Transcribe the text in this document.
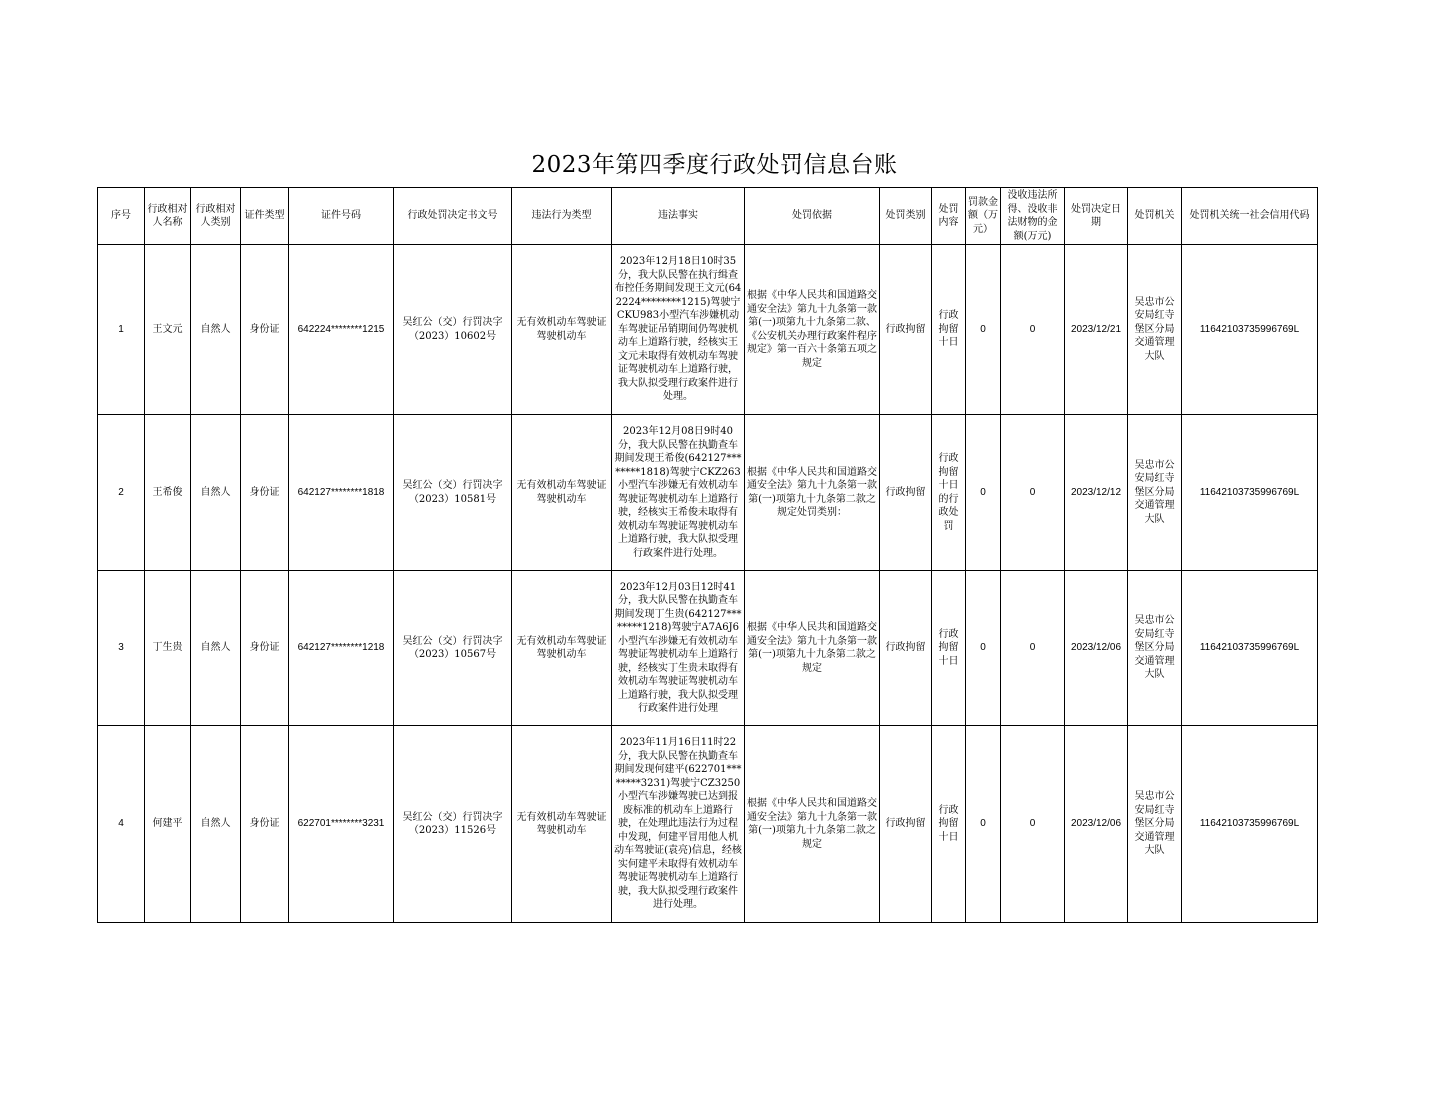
2023年第四季度行政处罚信息台账
序号	行政相对人名称	行政相对人类别	证件类型	证件号码	行政处罚决定书文号	违法行为类型	违法事实	处罚依据	处罚类别	处罚内容	罚款金额（万元）	没收违法所得、没收非法财物的金额(万元)	处罚决定日期	处罚机关	处罚机关统一社会信用代码
1	王文元	自然人	身份证	642224********1215	吴红公（交）行罚决字（2023）10602号	无有效机动车驾驶证驾驶机动车	2023年12月18日10时35分，我大队民警在执行缉查布控任务期间发现王文元(642224********1215)驾驶宁CKU983小型汽车涉嫌机动车驾驶证吊销期间仍驾驶机动车上道路行驶，经核实王文元未取得有效机动车驾驶证驾驶机动车上道路行驶，我大队拟受理行政案件进行处理。	根据《中华人民共和国道路交通安全法》第九十九条第一款第(一)项第九十九条第二款、《公安机关办理行政案件程序规定》第一百六十条第五项之规定	行政拘留	行政拘留十日	0	0	2023/12/21	吴忠市公安局红寺堡区分局交通管理大队	11642103735996769L
2	王希俊	自然人	身份证	642127********1818	吴红公（交）行罚决字（2023）10581号	无有效机动车驾驶证驾驶机动车	2023年12月08日9时40分，我大队民警在执勤查车期间发现王希俊(642127********1818)驾驶宁CKZ263小型汽车涉嫌无有效机动车驾驶证驾驶机动车上道路行驶，经核实王希俊未取得有效机动车驾驶证驾驶机动车上道路行驶，我大队拟受理行政案件进行处理。	根据《中华人民共和国道路交通安全法》第九十九条第一款第(一)项第九十九条第二款之规定处罚类别：	行政拘留	行政拘留十日的行政处罚	0	0	2023/12/12	吴忠市公安局红寺堡区分局交通管理大队	11642103735996769L
3	丁生贵	自然人	身份证	642127********1218	吴红公（交）行罚决字（2023）10567号	无有效机动车驾驶证驾驶机动车	2023年12月03日12时41分，我大队民警在执勤查车期间发现丁生贵(642127********1218)驾驶宁A7A6J6小型汽车涉嫌无有效机动车驾驶证驾驶机动车上道路行驶，经核实丁生贵未取得有效机动车驾驶证驾驶机动车上道路行驶，我大队拟受理行政案件进行处理	根据《中华人民共和国道路交通安全法》第九十九条第一款第(一)项第九十九条第二款之规定	行政拘留	行政拘留十日	0	0	2023/12/06	吴忠市公安局红寺堡区分局交通管理大队	11642103735996769L
4	何建平	自然人	身份证	622701********3231	吴红公（交）行罚决字（2023）11526号	无有效机动车驾驶证驾驶机动车	2023年11月16日11时22分，我大队民警在执勤查车期间发现何建平(622701********3231)驾驶宁CZ3250小型汽车涉嫌驾驶已达到报废标准的机动车上道路行驶，在处理此违法行为过程中发现，何建平冒用他人机动车驾驶证(袁亮)信息，经核实何建平未取得有效机动车驾驶证驾驶机动车上道路行驶，我大队拟受理行政案件进行处理。	根据《中华人民共和国道路交通安全法》第九十九条第一款第(一)项第九十九条第二款之规定	行政拘留	行政拘留十日	0	0	2023/12/06	吴忠市公安局红寺堡区分局交通管理大队	11642103735996769L
